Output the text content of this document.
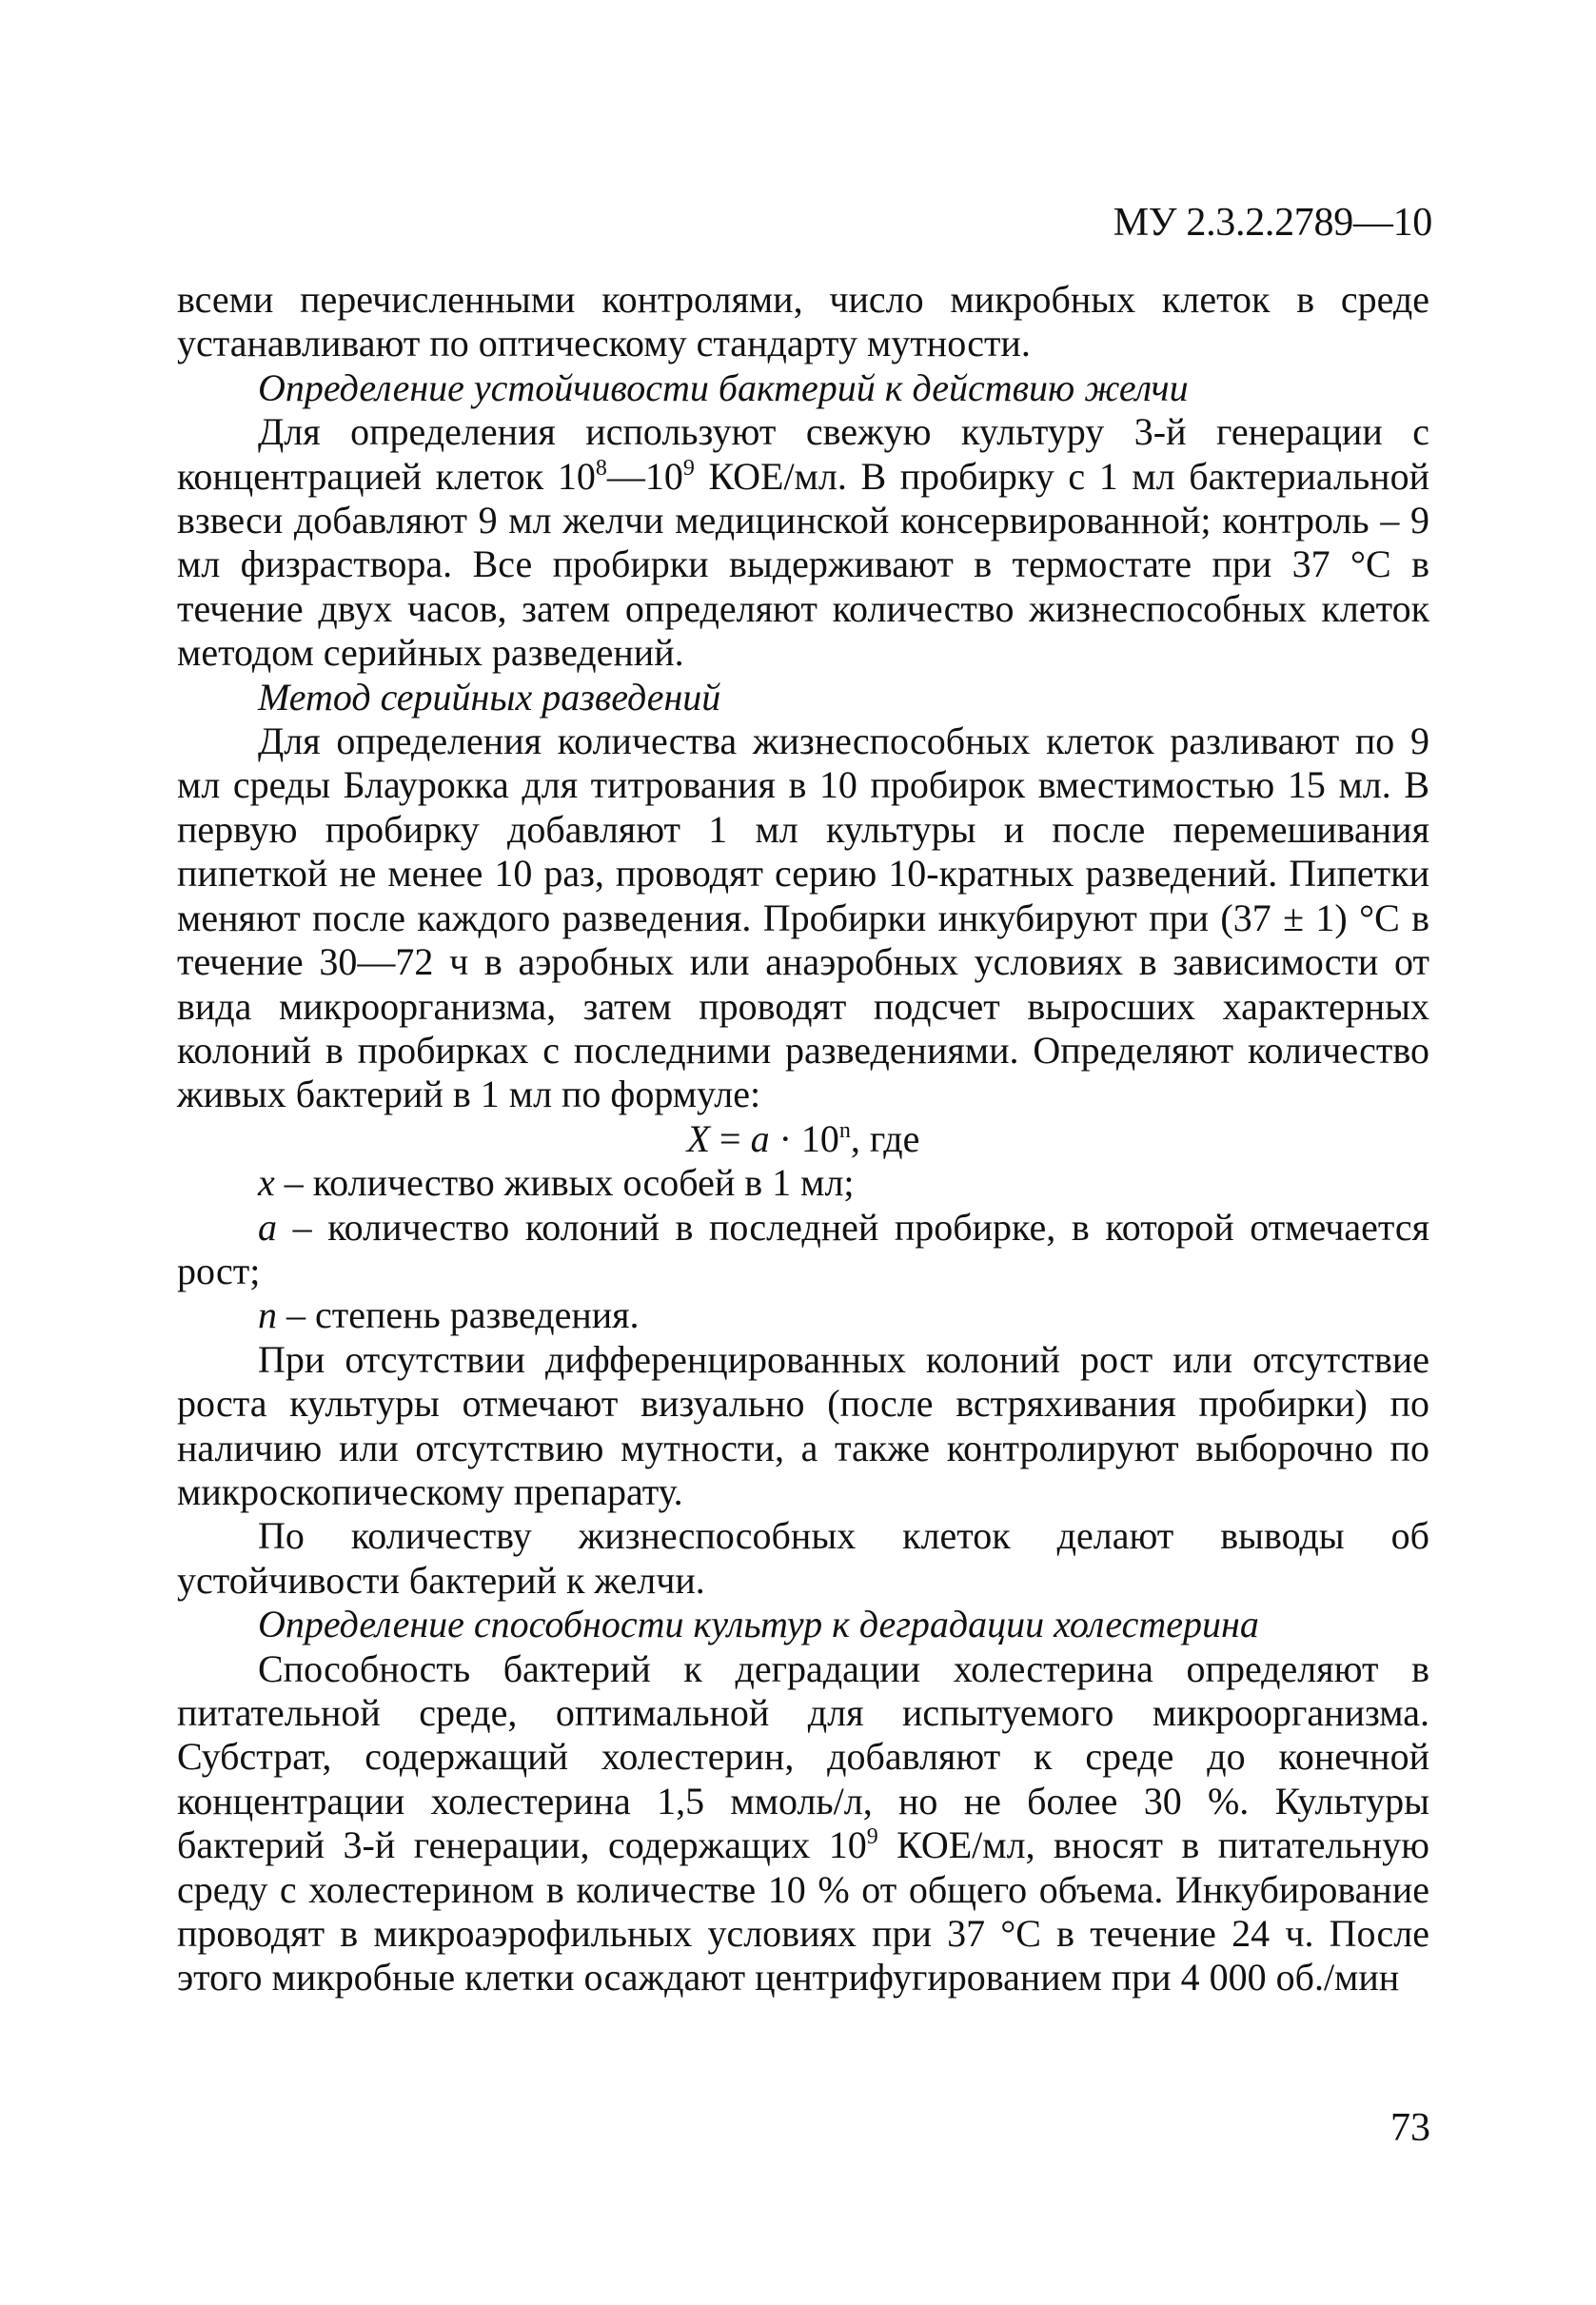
МУ 2.3.2.2789—10

всеми перечисленными контролями, число микробных клеток в среде устанавливают по оптическому стандарту мутности.

Определение устойчивости бактерий к действию желчи

Для определения используют свежую культуру 3-й генерации с концентрацией клеток $10^8—10^9$ КОЕ/мл. В пробирку с 1 мл бактериальной взвеси добавляют 9 мл желчи медицинской консервированной; контроль – 9 мл физраствора. Все пробирки выдерживают в термостате при 37 °С в течение двух часов, затем определяют количество жизнеспособных клеток методом серийных разведений.

Метод серийных разведений

Для определения количества жизнеспособных клеток разливают по 9 мл среды Блаурокка для титрования в 10 пробирок вместимостью 15 мл. В первую пробирку добавляют 1 мл культуры и после перемешивания пипеткой не менее 10 раз, проводят серию 10-кратных разведений. Пипетки меняют после каждого разведения. Пробирки инкубируют при (37 ± 1) °С в течение 30—72 ч в аэробных или анаэробных условиях в зависимости от вида микроорганизма, затем проводят подсчет выросших характерных колоний в пробирках с последними разведениями. Определяют количество живых бактерий в 1 мл по формуле:

$X = a \cdot 10^n$, где

x – количество живых особей в 1 мл;

a – количество колоний в последней пробирке, в которой отмечается рост;

n – степень разведения.

При отсутствии дифференцированных колоний рост или отсутствие роста культуры отмечают визуально (после встряхивания пробирки) по наличию или отсутствию мутности, а также контролируют выборочно по микроскопическому препарату.

По количеству жизнеспособных клеток делают выводы об устойчивости бактерий к желчи.

Определение способности культур к деградации холестерина

Способность бактерий к деградации холестерина определяют в питательной среде, оптимальной для испытуемого микроорганизма. Субстрат, содержащий холестерин, добавляют к среде до конечной концентрации холестерина 1,5 ммоль/л, но не более 30 %. Культуры бактерий 3-й генерации, содержащих $10^9$ КОЕ/мл, вносят в питательную среду с холестерином в количестве 10 % от общего объема. Инкубирование проводят в микроаэрофильных условиях при 37 °С в течение 24 ч. После этого микробные клетки осаждают центрифугированием при 4 000 об./мин

73
